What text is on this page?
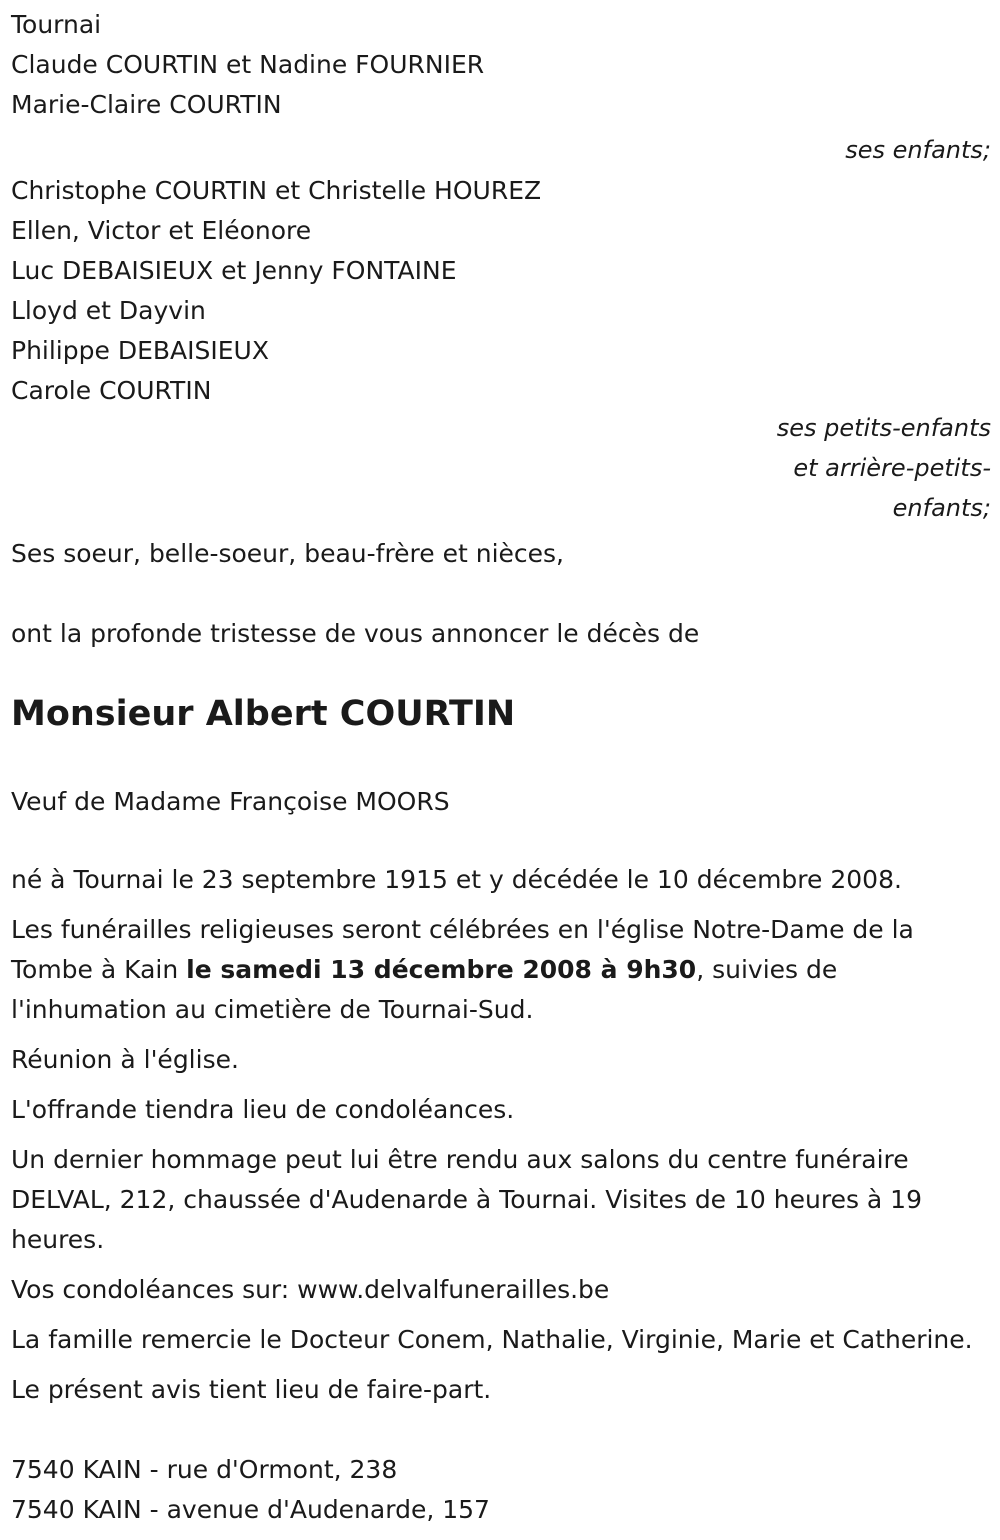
Tournai
Claude COURTIN et Nadine FOURNIER
Marie-Claire COURTIN
ses enfants;
Christophe COURTIN et Christelle HOUREZ
Ellen, Victor et Eléonore
Luc DEBAISIEUX et Jenny FONTAINE
Lloyd et Dayvin
Philippe DEBAISIEUX
Carole COURTIN
ses petits-enfants
et arrière-petits-
enfants;
Ses soeur, belle-soeur, beau-frère et nièces,
ont la profonde tristesse de vous annoncer le décès de
Monsieur Albert COURTIN
Veuf de Madame Françoise MOORS

né à Tournai le 23 septembre 1915 et y décédée le 10 décembre 2008.

Les funérailles religieuses seront célébrées en l'église Notre-Dame de la Tombe à Kain le samedi 13 décembre 2008 à 9h30, suivies de l'inhumation au cimetière de Tournai-Sud.

Réunion à l'église.

L'offrande tiendra lieu de condoléances.

Un dernier hommage peut lui être rendu aux salons du centre funéraire DELVAL, 212, chaussée d'Audenarde à Tournai. Visites de 10 heures à 19 heures.

Vos condoléances sur: www.delvalfunerailles.be

La famille remercie le Docteur Conem, Nathalie, Virginie, Marie et Catherine.

Le présent avis tient lieu de faire-part.

7540 KAIN - rue d'Ormont, 238
7540 KAIN - avenue d'Audenarde, 157
